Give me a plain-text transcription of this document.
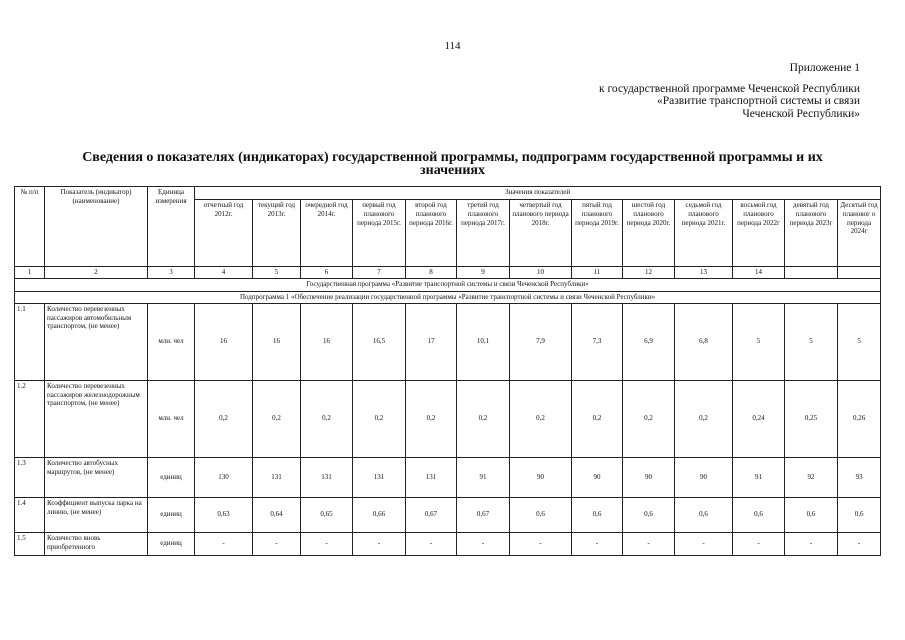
114
Приложение 1
к государственной программе Чеченской Республики
«Развитие транспортной системы и связи
Чеченской Республики»
Сведения о показателях (индикаторах) государственной программы, подпрограмм государственной программы и их
значениях
№ п/п	Показатель (индикатор) (наименование)	Единица измерения	Значения показателей												
			отчетный год 2012г.	текущий год 2013г.	очередной год 2014г.	первый год планового периода 2015г.	второй год планового периода 2016г.	третий год планового периода 2017г.	четвертый год планового периода 2018г.	пятый год планового периода 2019г.	шестой год планового периода 2020г.	седьмой год планового периода 2021г.	восьмой год планового периода 2022г	девятый год планового периода 2023г	Десятый год плановог о периода 2024г
1	2	3	4	5	6	7	8	9	10	11	12	13	14		
Государственная программа «Развитие транспортной системы и связи Чеченской Республики»															
Подпрограмма 1 «Обеспечение реализации государственной программы «Развитие транспортной системы и связи Чеченской Республики»															
1.1	Количество перевезенных пассажиров автомобильным транспортом, (не менее)	млн. чел	16	16	16	16,5	17	10,1	7,9	7,3	6,9	6,8	5	5	5
1.2	Количество перевезенных пассажиров железнодорожным транспортом, (не менее)	млн. чел	0,2	0,2	0,2	0,2	0,2	0,2	0,2	0,2	0,2	0,2	0,24	0,25	0,26
1.3	Количество автобусных маршрутов, (не менее)	единиц	130	131	131	131	131	91	90	90	90	90	91	92	93
1.4	Коэффициент выпуска парка на линию, (не менее)	единиц	0,63	0,64	0,65	0,66	0,67	0,67	0,6	0,6	0,6	0,6	0,6	0,6	0,6
1.5	Количество вновь приобретенного	единиц	-	-	-	-	-	-	-	-	-	-	-	-	-
